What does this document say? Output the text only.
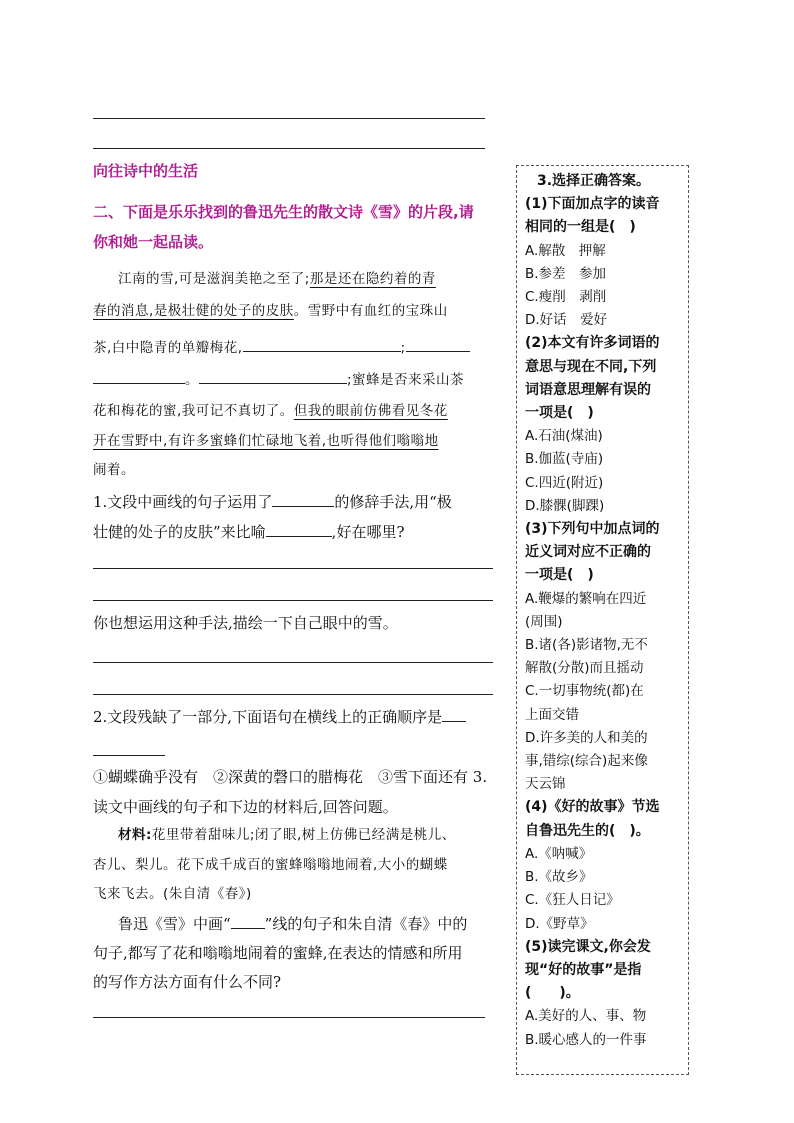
向往诗中的生活

二、下面是乐乐找到的鲁迅先生的散文诗《雪》的片段,请

你和她一起品读。

江南的雪,可是滋润美艳之至了;那是还在隐约着的青

春的消息,是极壮健的处子的皮肤。雪野中有血红的宝珠山

茶,白中隐青的单瓣梅花,	;

。	;蜜蜂是否来采山茶

花和梅花的蜜,我可记不真切了。但我的眼前仿佛看见冬花

开在雪野中,有许多蜜蜂们忙碌地飞着,也听得他们嗡嗡地

闹着。

1.文段中画线的句子运用了	的修辞手法,用“极

壮健的处子的皮肤”来比喻	,好在哪里?

你也想运用这种手法,描绘一下自己眼中的雪。

2.文段残缺了一部分,下面语句在横线上的正确顺序是

①蝴蝶确乎没有　②深黄的磬口的腊梅花　③雪下面还有 3.

读文中画线的句子和下边的材料后,回答问题。

材料:花里带着甜味儿;闭了眼,树上仿佛已经满是桃儿、

杏儿、梨儿。花下成千成百的蜜蜂嗡嗡地闹着,大小的蝴蝶

飞来飞去。(朱自清《春》)

鲁迅《雪》中画“ ”线的句子和朱自清《春》中的

句子,都写了花和嗡嗡地闹着的蜜蜂,在表达的情感和所用

的写作方法方面有什么不同?

3.选择正确答案。

(1)下面加点字的读音

相同的一组是(　)

A.解散　押解

B.参差　参加

C.瘦削　剥削

D.好话　爱好

(2)本文有许多词语的

意思与现在不同,下列

词语意思理解有误的

一项是(　)

A.石油(煤油)

B.伽蓝(寺庙)

C.四近(附近)

D.膝髁(脚踝)

(3)下列句中加点词的

近义词对应不正确的

一项是(　)

A.鞭爆的繁响在四近

(周围)

B.诸(各)影诸物,无不

解散(分散)而且摇动

C.一切事物统(都)在

上面交错

D.许多美的人和美的

事,错综(综合)起来像

天云锦

(4)《好的故事》节选

自鲁迅先生的(　)。

A.《呐喊》

B.《故乡》

C.《狂人日记》

D.《野草》

(5)读完课文,你会发

现“好的故事”是指

(　　)。

A.美好的人、事、物

B.暖心感人的一件事
